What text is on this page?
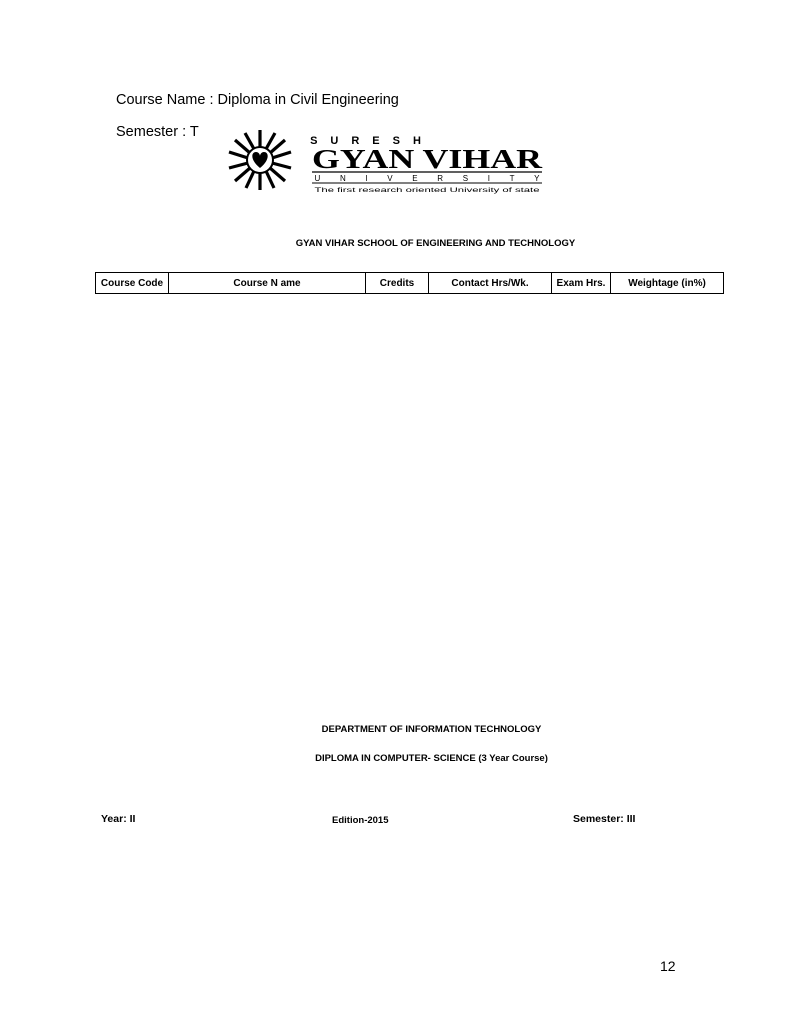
Course Name : Diploma in Civil Engineering
Semester : T
SURESH
GYAN VIHAR
UNIVERSITY
The first research oriented University of state
GYAN VIHAR SCHOOL OF ENGINEERING AND TECHNOLOGY
Course Code	Course N ame	Credits	Contact Hrs/Wk.	Exam Hrs.	Weightage (in%)
DEPARTMENT OF INFORMATION TECHNOLOGY
DIPLOMA IN COMPUTER- SCIENCE (3 Year Course)
Year: II	Edition-2015	Semester: III
12
